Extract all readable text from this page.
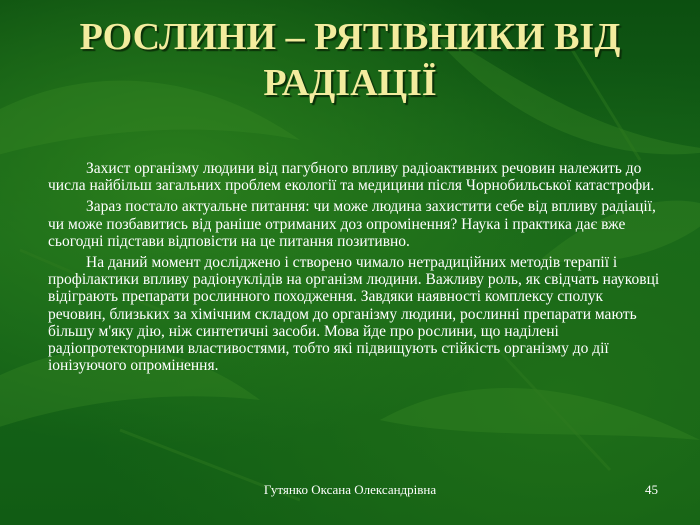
РОСЛИНИ – РЯТІВНИКИ ВІД
РАДІАЦІЇ

Захист організму людини від пагубного впливу радіоактивних речовин належить до числа найбільш загальних проблем екології та медицини після Чорнобильської катастрофи.

Зараз постало актуальне питання: чи може людина захистити себе від впливу радіації, чи може позбавитись від раніше отриманих доз опромінення? Наука і практика дає вже сьогодні підстави відповісти на це питання позитивно.

На даний момент досліджено і створено чимало нетрадиційних методів терапії і профілактики впливу радіонуклідів на організм людини. Важливу роль, як свідчать науковці відіграють препарати рослинного походження. Завдяки наявності комплексу сполук речовин, близьких за хімічним складом до організму людини, рослинні препарати мають більшу м'яку дію, ніж синтетичні засоби. Мова йде про рослини, що наділені радіопротекторними властивостями, тобто які підвищують стійкість організму до дії іонізуючого опромінення.

Гутянко Оксана Олександрівна	45
